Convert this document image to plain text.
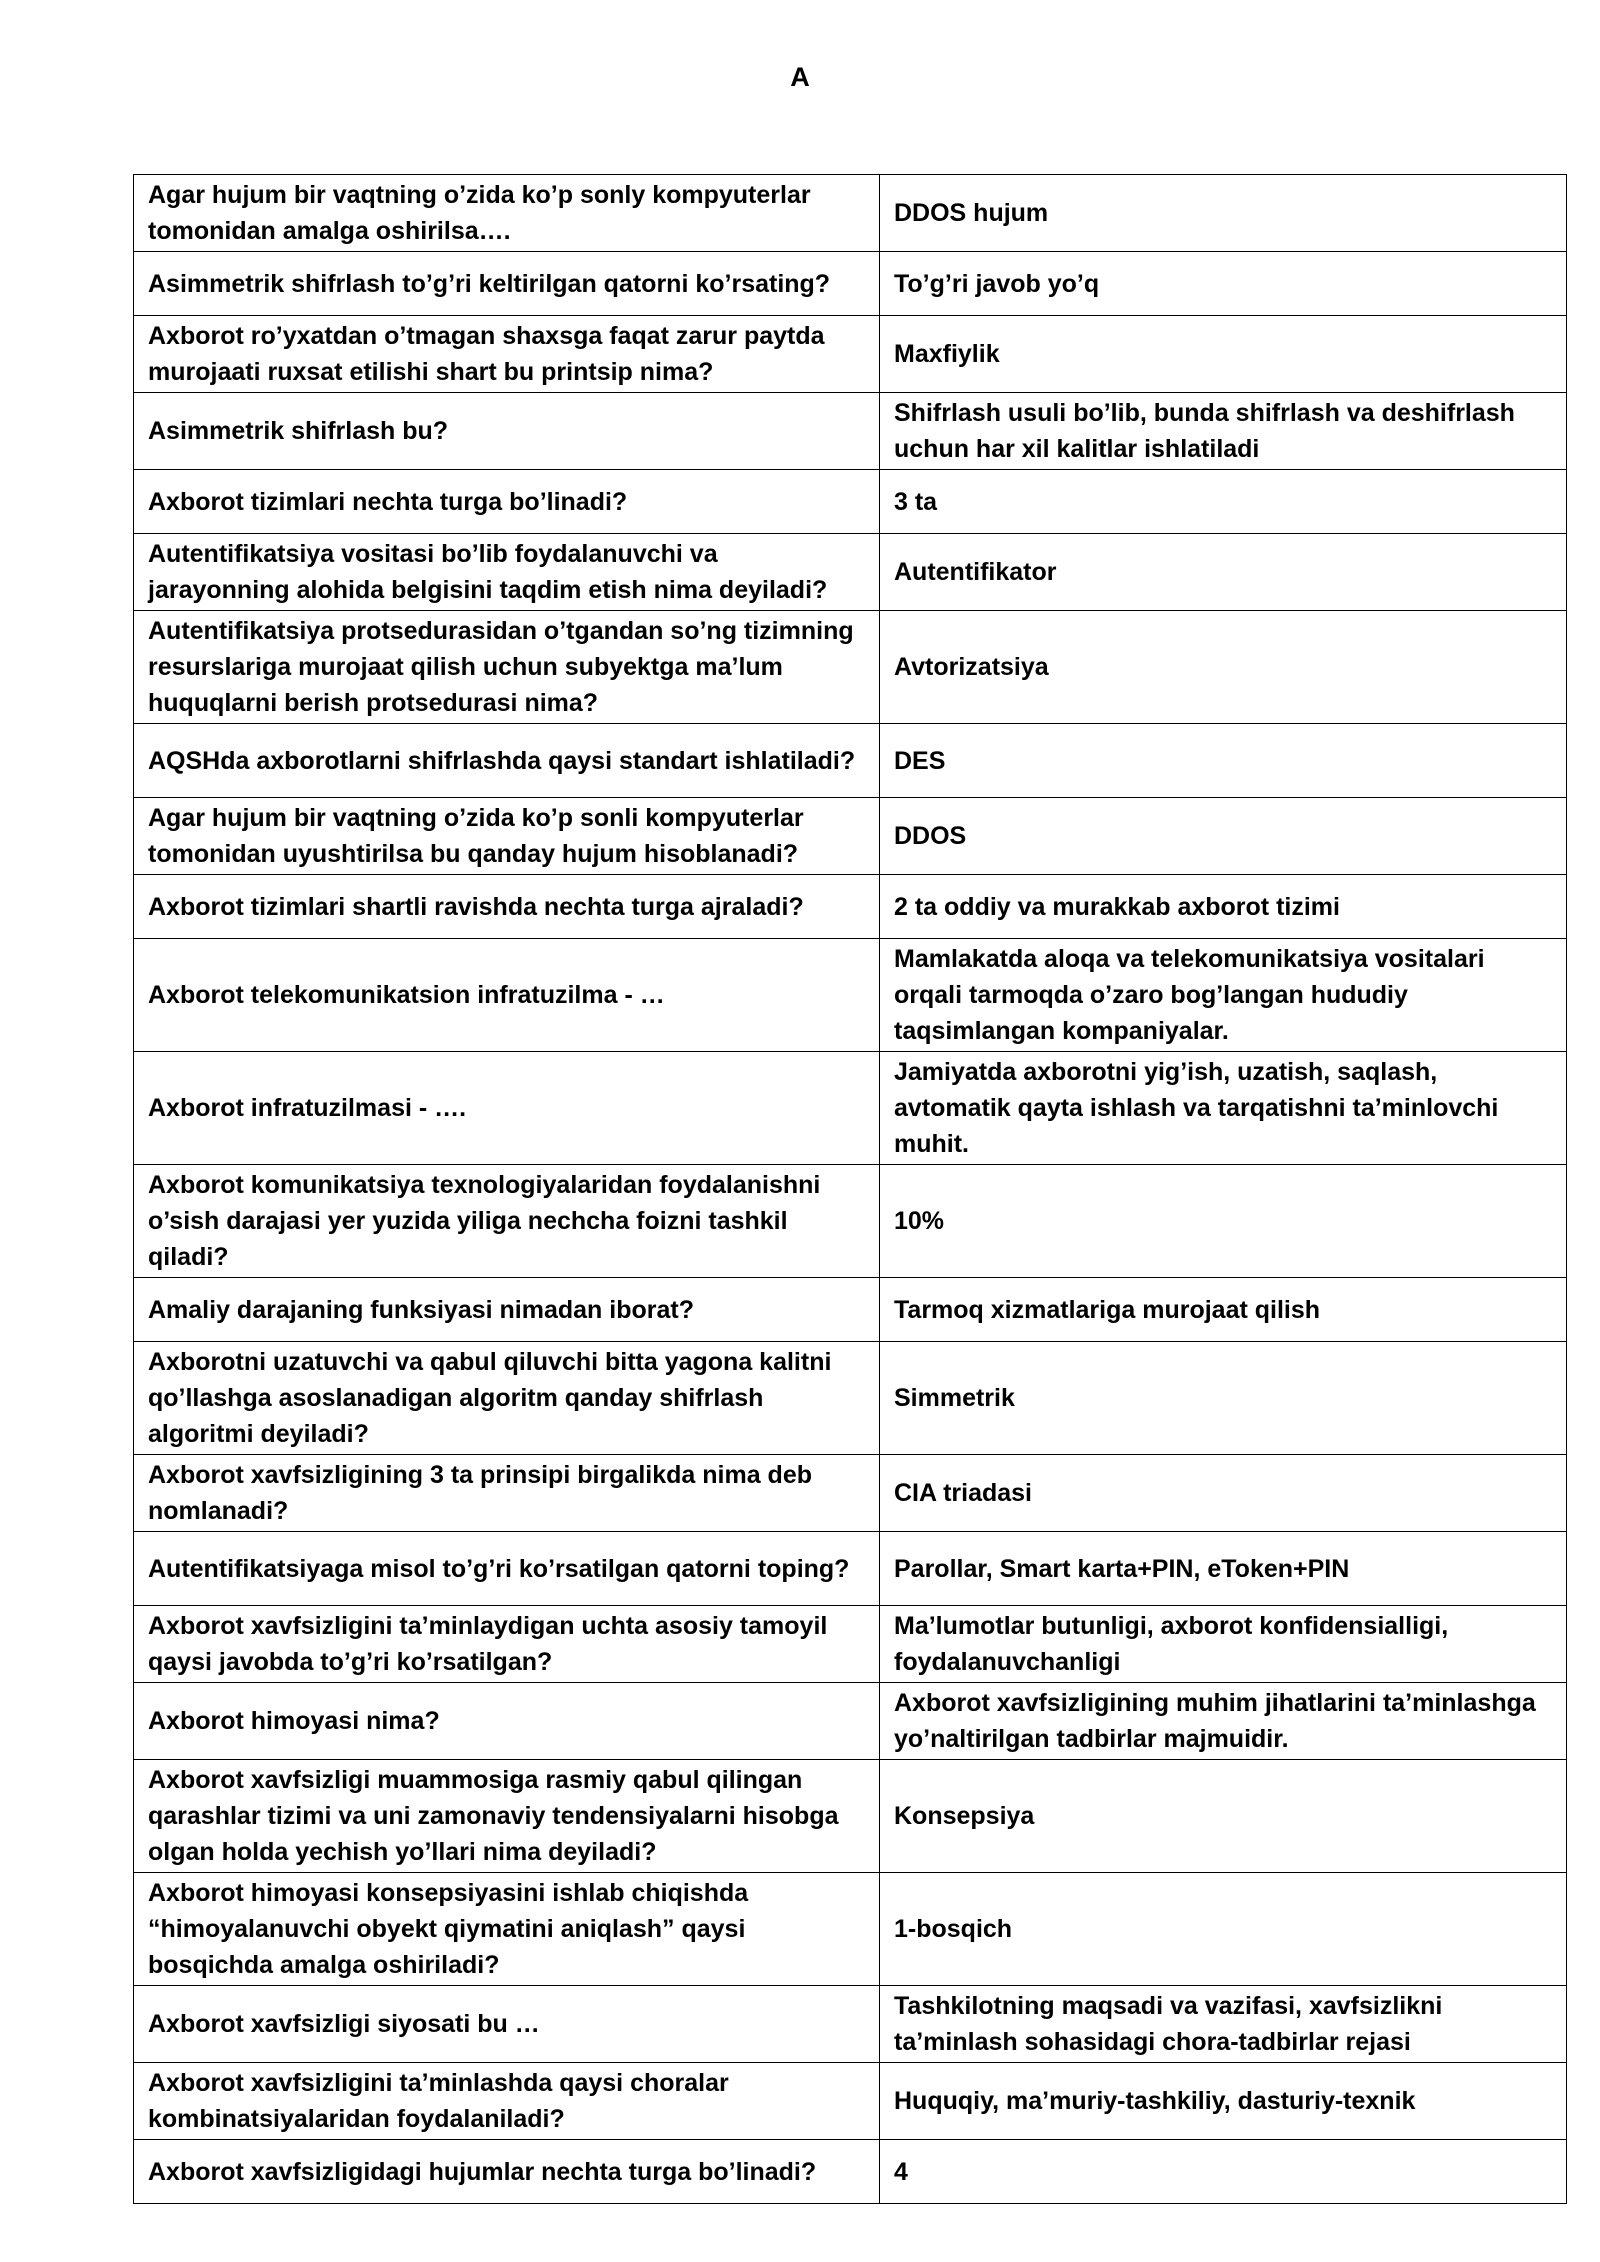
A
Agar hujum bir vaqtning o’zida ko’p sonly kompyuterlar tomonidan amalga oshirilsa….	DDOS hujum
Asimmetrik shifrlash to’g’ri keltirilgan qatorni ko’rsating?	To’g’ri javob yo’q
Axborot ro’yxatdan o’tmagan shaxsga faqat zarur paytda murojaati ruxsat etilishi shart bu printsip nima?	Maxfiylik
Asimmetrik shifrlash bu?	Shifrlash usuli bo’lib, bunda shifrlash va deshifrlash uchun har xil kalitlar ishlatiladi
Axborot tizimlari nechta turga bo’linadi?	3 ta
Autentifikatsiya vositasi bo’lib foydalanuvchi va jarayonning alohida belgisini taqdim etish nima deyiladi?	Autentifikator
Autentifikatsiya protsedurasidan o’tgandan so’ng tizimning resurslariga murojaat qilish uchun subyektga ma’lum huquqlarni berish protsedurasi nima?	Avtorizatsiya
AQSHda axborotlarni shifrlashda qaysi standart ishlatiladi?	DES
Agar hujum bir vaqtning o’zida ko’p sonli kompyuterlar tomonidan uyushtirilsa bu qanday hujum hisoblanadi?	DDOS
Axborot tizimlari shartli ravishda nechta turga ajraladi?	2 ta oddiy va murakkab axborot tizimi
Axborot telekomunikatsion infratuzilma - …	Mamlakatda aloqa va telekomunikatsiya vositalari orqali tarmoqda o’zaro bog’langan hududiy taqsimlangan kompaniyalar.
Axborot infratuzilmasi - ….	Jamiyatda axborotni yig’ish, uzatish, saqlash, avtomatik qayta ishlash va tarqatishni ta’minlovchi muhit.
Axborot komunikatsiya texnologiyalaridan foydalanishni o’sish darajasi yer yuzida yiliga nechcha foizni tashkil qiladi?	10%
Amaliy darajaning funksiyasi nimadan iborat?	Tarmoq xizmatlariga murojaat qilish
Axborotni uzatuvchi va qabul qiluvchi bitta yagona kalitni qo’llashga asoslanadigan algoritm qanday shifrlash algoritmi deyiladi?	Simmetrik
Axborot xavfsizligining 3 ta prinsipi birgalikda nima deb nomlanadi?	CIA triadasi
Autentifikatsiyaga misol to’g’ri ko’rsatilgan qatorni toping?	Parollar, Smart karta+PIN, eToken+PIN
Axborot xavfsizligini ta’minlaydigan uchta asosiy tamoyil qaysi javobda to’g’ri ko’rsatilgan?	Ma’lumotlar butunligi, axborot konfidensialligi, foydalanuvchanligi
Axborot himoyasi nima?	Axborot xavfsizligining muhim jihatlarini ta’minlashga yo’naltirilgan tadbirlar majmuidir.
Axborot xavfsizligi muammosiga rasmiy qabul qilingan qarashlar tizimi va uni zamonaviy tendensiyalarni hisobga olgan holda yechish yo’llari nima deyiladi?	Konsepsiya
Axborot himoyasi konsepsiyasini ishlab chiqishda “himoyalanuvchi obyekt qiymatini aniqlash” qaysi bosqichda amalga oshiriladi?	1-bosqich
Axborot xavfsizligi siyosati bu …	Tashkilotning maqsadi va vazifasi, xavfsizlikni ta’minlash sohasidagi chora-tadbirlar rejasi
Axborot xavfsizligini ta’minlashda qaysi choralar kombinatsiyalaridan foydalaniladi?	Huquqiy, ma’muriy-tashkiliy, dasturiy-texnik
Axborot xavfsizligidagi hujumlar nechta turga bo’linadi?	4
